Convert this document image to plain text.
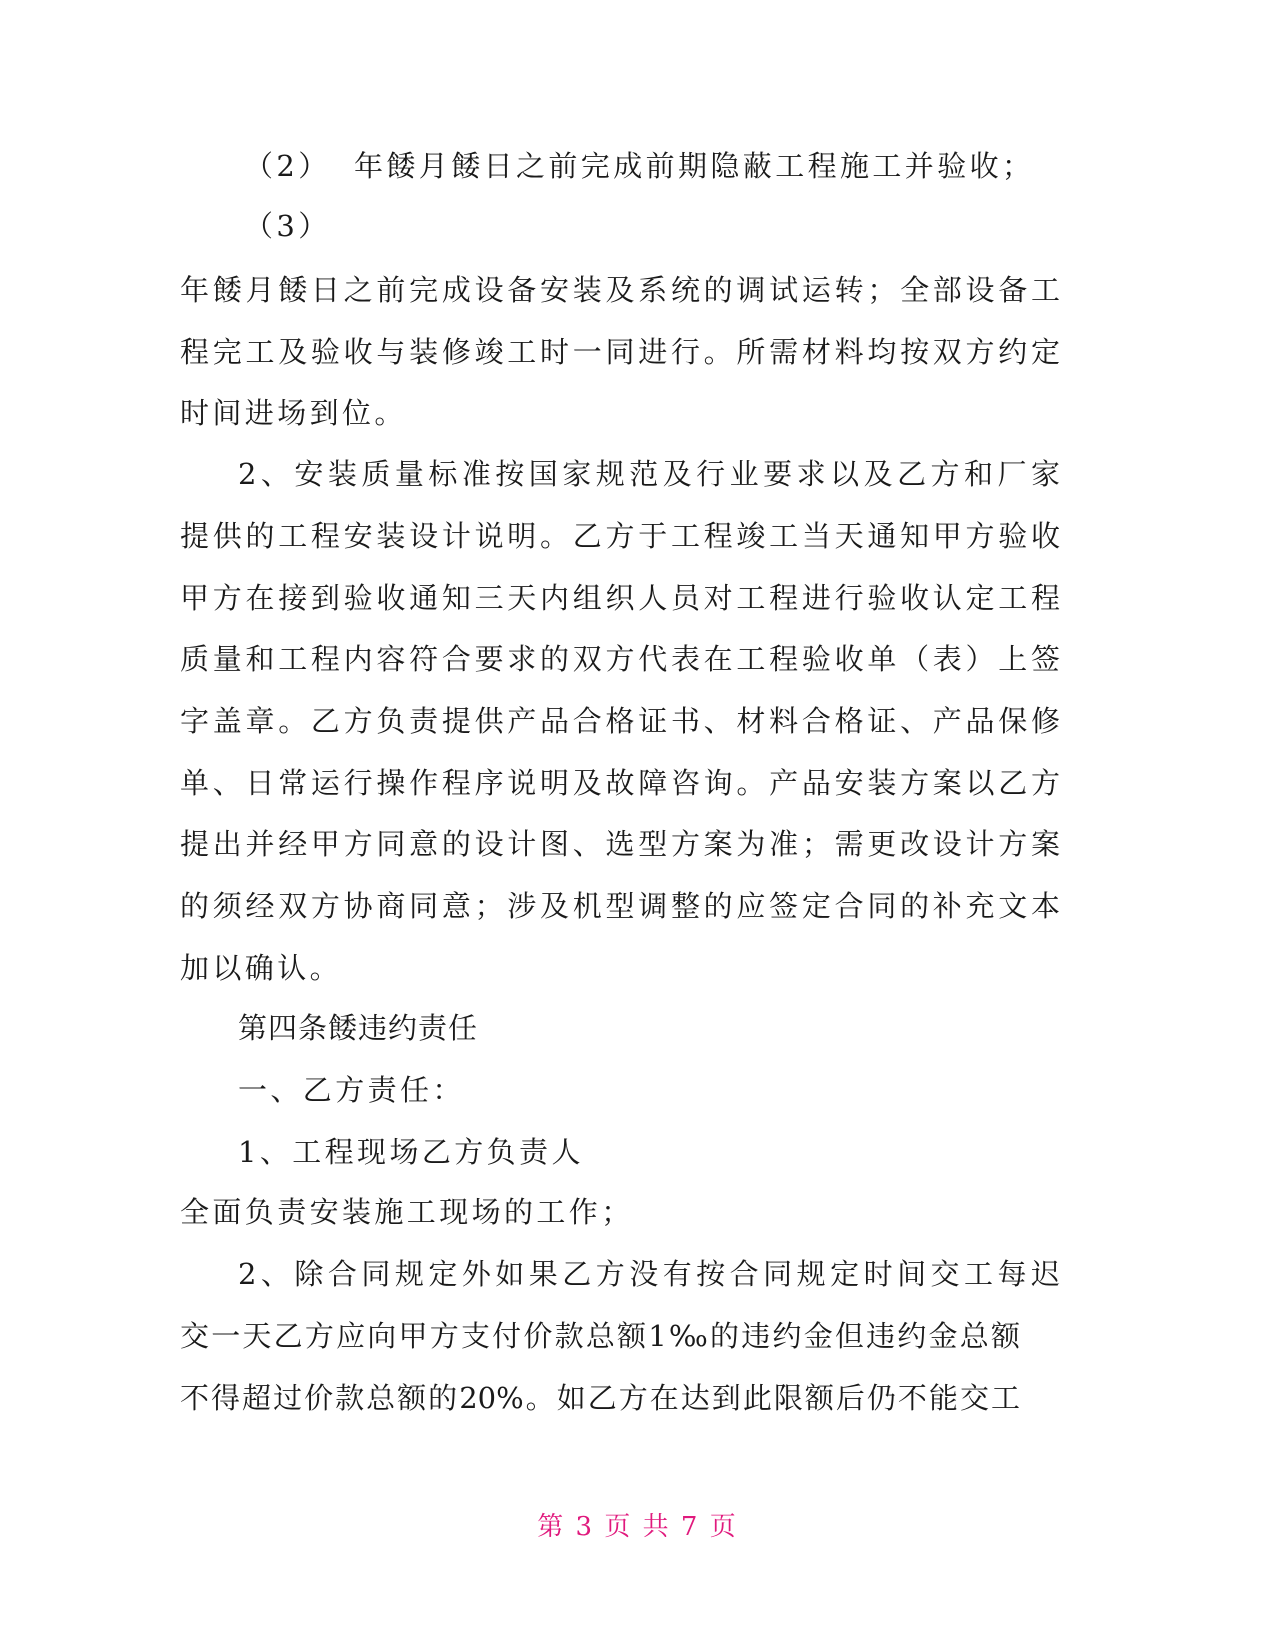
（2） 年餧月餧日之前完成前期隐蔽工程施工并验收；
（3）
年餧月餧日之前完成设备安装及系统的调试运转；全部设备工
程完工及验收与装修竣工时一同进行。所需材料均按双方约定
时间进场到位。
2、安装质量标准按国家规范及行业要求以及乙方和厂家
提供的工程安装设计说明。乙方于工程竣工当天通知甲方验收
甲方在接到验收通知三天内组织人员对工程进行验收认定工程
质量和工程内容符合要求的双方代表在工程验收单（表）上签
字盖章。乙方负责提供产品合格证书、材料合格证、产品保修
单、日常运行操作程序说明及故障咨询。产品安装方案以乙方
提出并经甲方同意的设计图、选型方案为准；需更改设计方案
的须经双方协商同意；涉及机型调整的应签定合同的补充文本
加以确认。
第四条餧违约责任
一、乙方责任：
1、工程现场乙方负责人
全面负责安装施工现场的工作；
2、除合同规定外如果乙方没有按合同规定时间交工每迟
交一天乙方应向甲方支付价款总额1‰的违约金但违约金总额
不得超过价款总额的20%。如乙方在达到此限额后仍不能交工
第 3 页 共 7 页
